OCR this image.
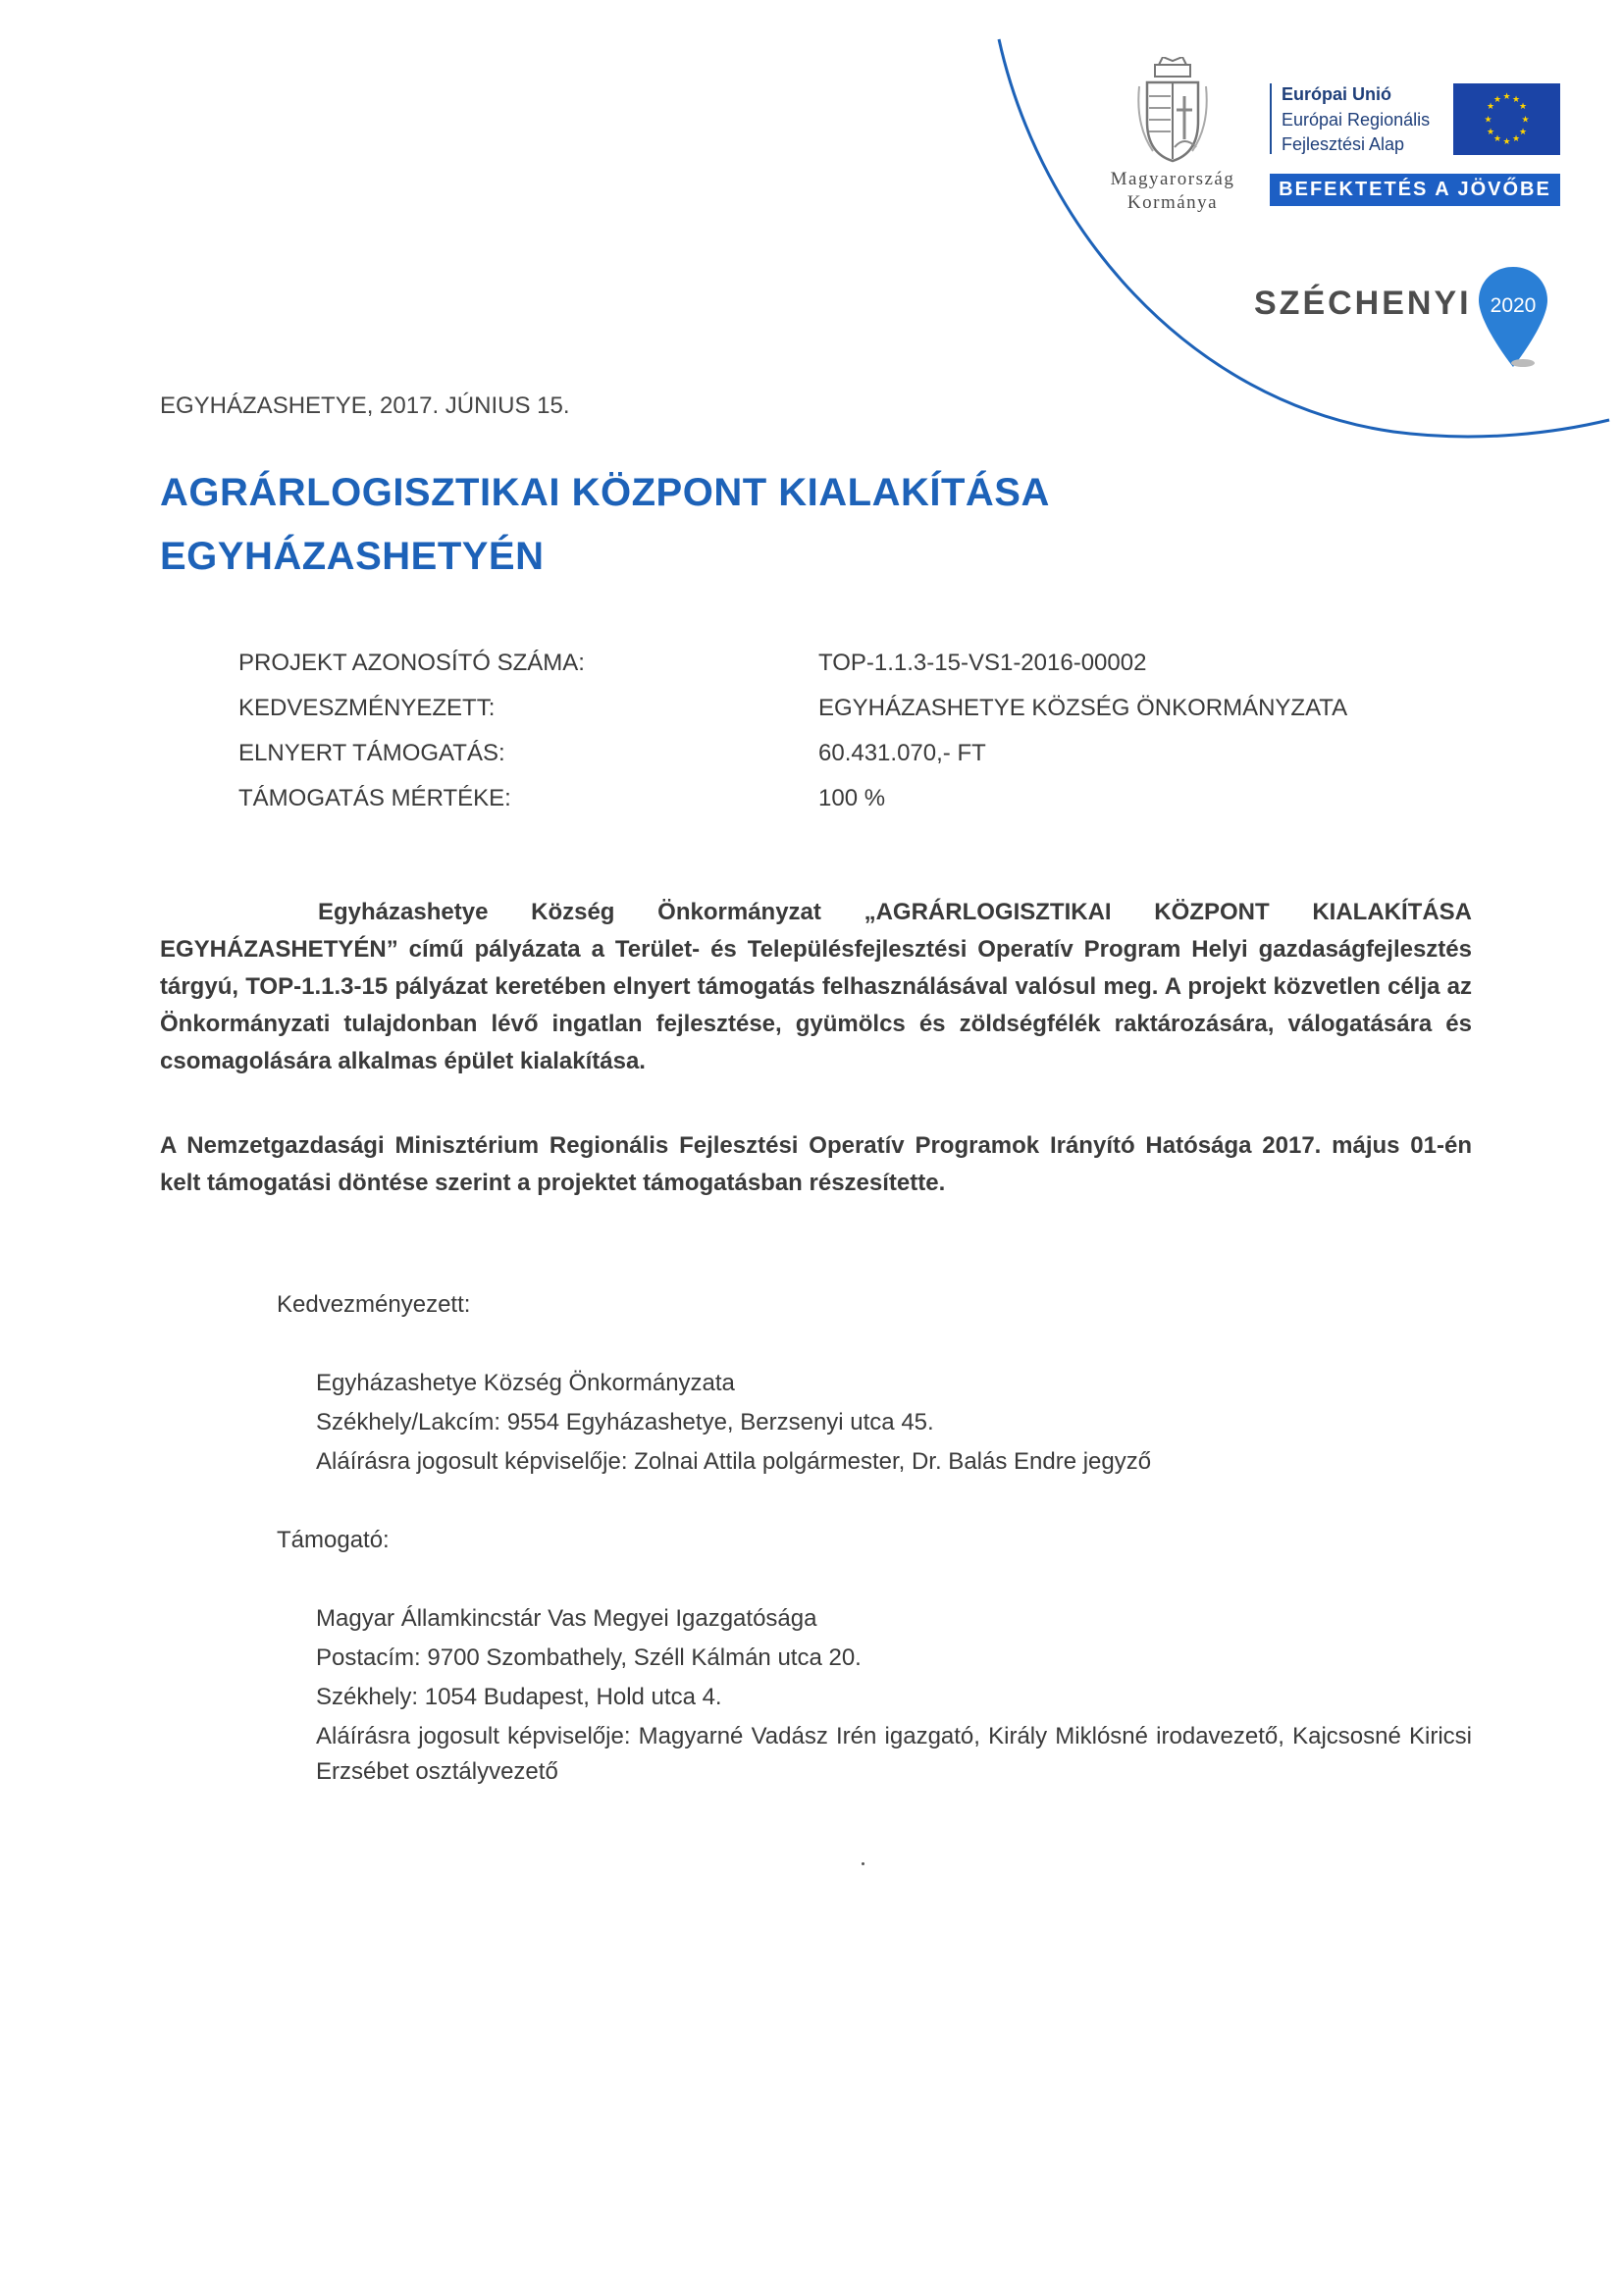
Magyarország
Kormánya
Európai Unió
Európai Regionális
Fejlesztési Alap
★ ★
★
★
★
★
★
★
★
★
★
★
BEFEKTETÉS A JÖVŐBE
SZÉCHENYI 2020
EGYHÁZASHETYE, 2017. JÚNIUS 15.
AGRÁRLOGISZTIKAI KÖZPONT KIALAKÍTÁSA
EGYHÁZASHETYÉN
PROJEKT AZONOSÍTÓ SZÁMA:	TOP-1.1.3-15-VS1-2016-00002
KEDVESZMÉNYEZETT:	EGYHÁZASHETYE KÖZSÉG ÖNKORMÁNYZATA
ELNYERT TÁMOGATÁS:	60.431.070,- FT
TÁMOGATÁS MÉRTÉKE:	100 %

Egyházashetye Község Önkormányzat „AGRÁRLOGISZTIKAI KÖZPONT KIALAKÍTÁSA EGYHÁZASHETYÉN” című pályázata a Terület- és Településfejlesztési Operatív Program Helyi gazdaságfejlesztés tárgyú, TOP-1.1.3-15 pályázat keretében elnyert támogatás felhasználásával valósul meg. A projekt közvetlen célja az Önkormányzati tulajdonban lévő ingatlan fejlesztése, gyümölcs és zöldségfélék raktározására, válogatására és csomagolására alkalmas épület kialakítása.

A Nemzetgazdasági Minisztérium Regionális Fejlesztési Operatív Programok Irányító Hatósága 2017. május 01-én kelt támogatási döntése szerint a projektet támogatásban részesítette.

Kedvezményezett:
Egyházashetye Község Önkormányzata
Székhely/Lakcím: 9554 Egyházashetye, Berzsenyi utca 45.
Aláírásra jogosult képviselője: Zolnai Attila polgármester, Dr. Balás Endre jegyző
Támogató:
Magyar Államkincstár Vas Megyei Igazgatósága
Postacím: 9700 Szombathely, Széll Kálmán utca 20.
Székhely: 1054 Budapest, Hold utca 4.

Aláírásra jogosult képviselője: Magyarné Vadász Irén igazgató, Király Miklósné irodavezető, Kajcsosné Kiricsi Erzsébet osztályvezető
